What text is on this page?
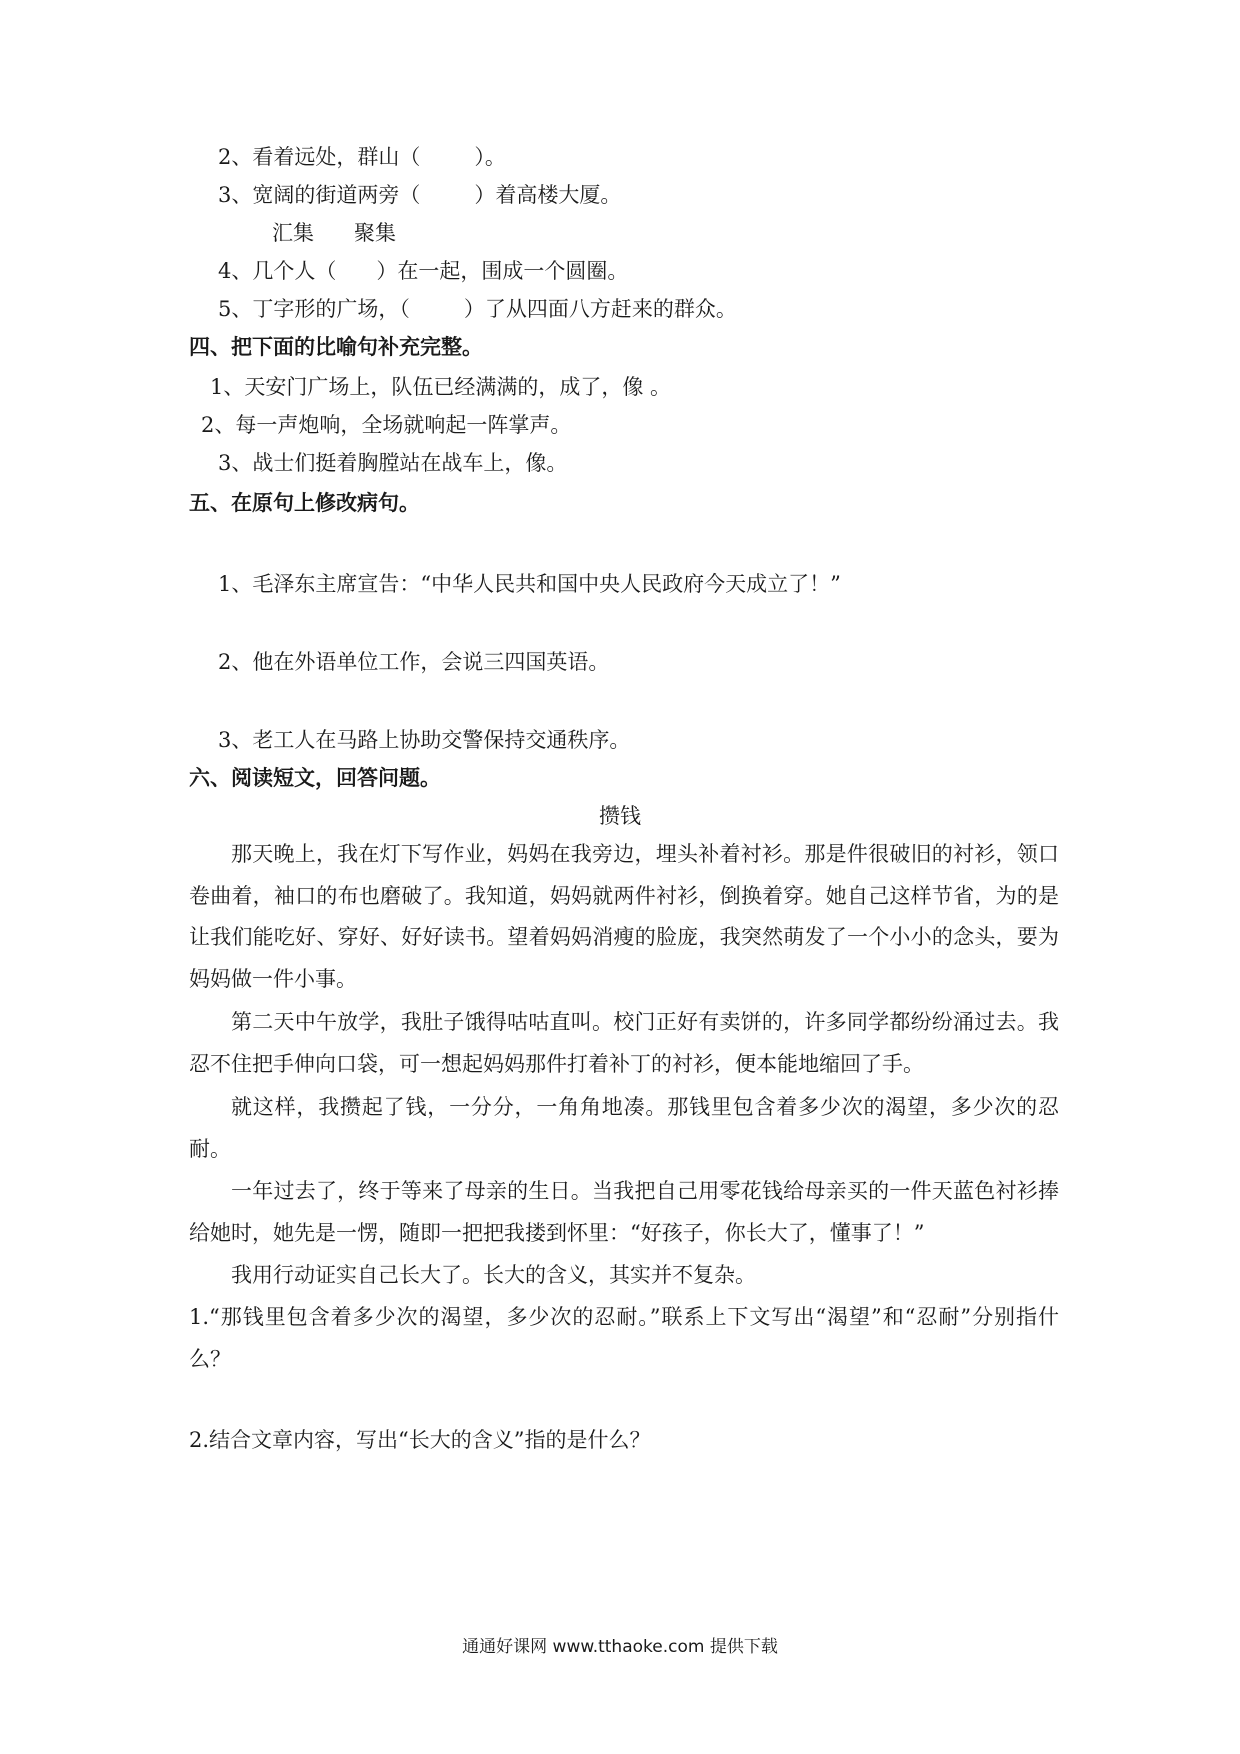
2、看着远处，群山（	）。
3、宽阔的街道两旁（	）着高楼大厦。
汇集 聚集
4、几个人（ ）在一起，围成一个圆圈。
5、丁字形的广场，（	）了从四面八方赶来的群众。
四、把下面的比喻句补充完整。
1、天安门广场上，队伍已经满满的，成了，像 。
2、每一声炮响，全场就响起一阵掌声。
3、战士们挺着胸膛站在战车上，像。
五、在原句上修改病句。
1、毛泽东主席宣告：“中华人民共和国中央人民政府今天成立了！”
2、他在外语单位工作，会说三四国英语。
3、老工人在马路上协助交警保持交通秩序。
六、阅读短文，回答问题。
攒钱
那天晚上，我在灯下写作业，妈妈在我旁边，埋头补着衬衫。那是件很破旧的衬衫，领口卷曲着，袖口的布也磨破了。我知道，妈妈就两件衬衫，倒换着穿。她自己这样节省，为的是让我们能吃好、穿好、好好读书。望着妈妈消瘦的脸庞，我突然萌发了一个小小的念头，要为妈妈做一件小事。
第二天中午放学，我肚子饿得咕咕直叫。校门正好有卖饼的，许多同学都纷纷涌过去。我忍不住把手伸向口袋，可一想起妈妈那件打着补丁的衬衫，便本能地缩回了手。
就这样，我攒起了钱，一分分，一角角地凑。那钱里包含着多少次的渴望，多少次的忍耐。
一年过去了，终于等来了母亲的生日。当我把自己用零花钱给母亲买的一件天蓝色衬衫捧给她时，她先是一愣，随即一把把我搂到怀里：“好孩子，你长大了，懂事了！”
我用行动证实自己长大了。长大的含义，其实并不复杂。
1.“那钱里包含着多少次的渴望，多少次的忍耐。”联系上下文写出“渴望”和“忍耐”分别指什么？
2.结合文章内容，写出“长大的含义”指的是什么？
通通好课网 www.tthaoke.com 提供下载
